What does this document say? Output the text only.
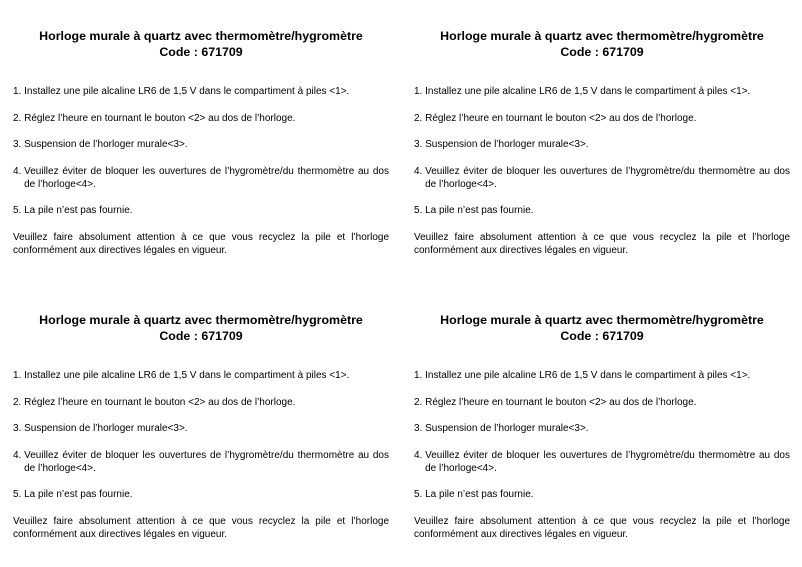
Horloge murale à quartz avec thermomètre/hygromètre

Code : 671709

1. Installez une pile alcaline LR6 de 1,5 V dans le compartiment à piles <1>.
2. Réglez l’heure en tournant le bouton <2> au dos de l’horloge.
3. Suspension de l’horloger murale<3>.
4. Veuillez éviter de bloquer les ouvertures de l’hygromètre/du thermomètre au dos de l’horloge<4>.
5. La pile n’est pas fournie.
Veuillez faire absolument attention à ce que vous recyclez la pile et l’horloge conformément aux directives légales en vigueur.

Horloge murale à quartz avec thermomètre/hygromètre

Code : 671709

1. Installez une pile alcaline LR6 de 1,5 V dans le compartiment à piles <1>.
2. Réglez l’heure en tournant le bouton <2> au dos de l’horloge.
3. Suspension de l’horloger murale<3>.
4. Veuillez éviter de bloquer les ouvertures de l’hygromètre/du thermomètre au dos de l’horloge<4>.
5. La pile n’est pas fournie.
Veuillez faire absolument attention à ce que vous recyclez la pile et l’horloge conformément aux directives légales en vigueur.

Horloge murale à quartz avec thermomètre/hygromètre

Code : 671709

1. Installez une pile alcaline LR6 de 1,5 V dans le compartiment à piles <1>.
2. Réglez l’heure en tournant le bouton <2> au dos de l’horloge.
3. Suspension de l’horloger murale<3>.
4. Veuillez éviter de bloquer les ouvertures de l’hygromètre/du thermomètre au dos de l’horloge<4>.
5. La pile n’est pas fournie.
Veuillez faire absolument attention à ce que vous recyclez la pile et l’horloge conformément aux directives légales en vigueur.

Horloge murale à quartz avec thermomètre/hygromètre

Code : 671709

1. Installez une pile alcaline LR6 de 1,5 V dans le compartiment à piles <1>.
2. Réglez l’heure en tournant le bouton <2> au dos de l’horloge.
3. Suspension de l’horloger murale<3>.
4. Veuillez éviter de bloquer les ouvertures de l’hygromètre/du thermomètre au dos de l’horloge<4>.
5. La pile n’est pas fournie.
Veuillez faire absolument attention à ce que vous recyclez la pile et l’horloge conformément aux directives légales en vigueur.
